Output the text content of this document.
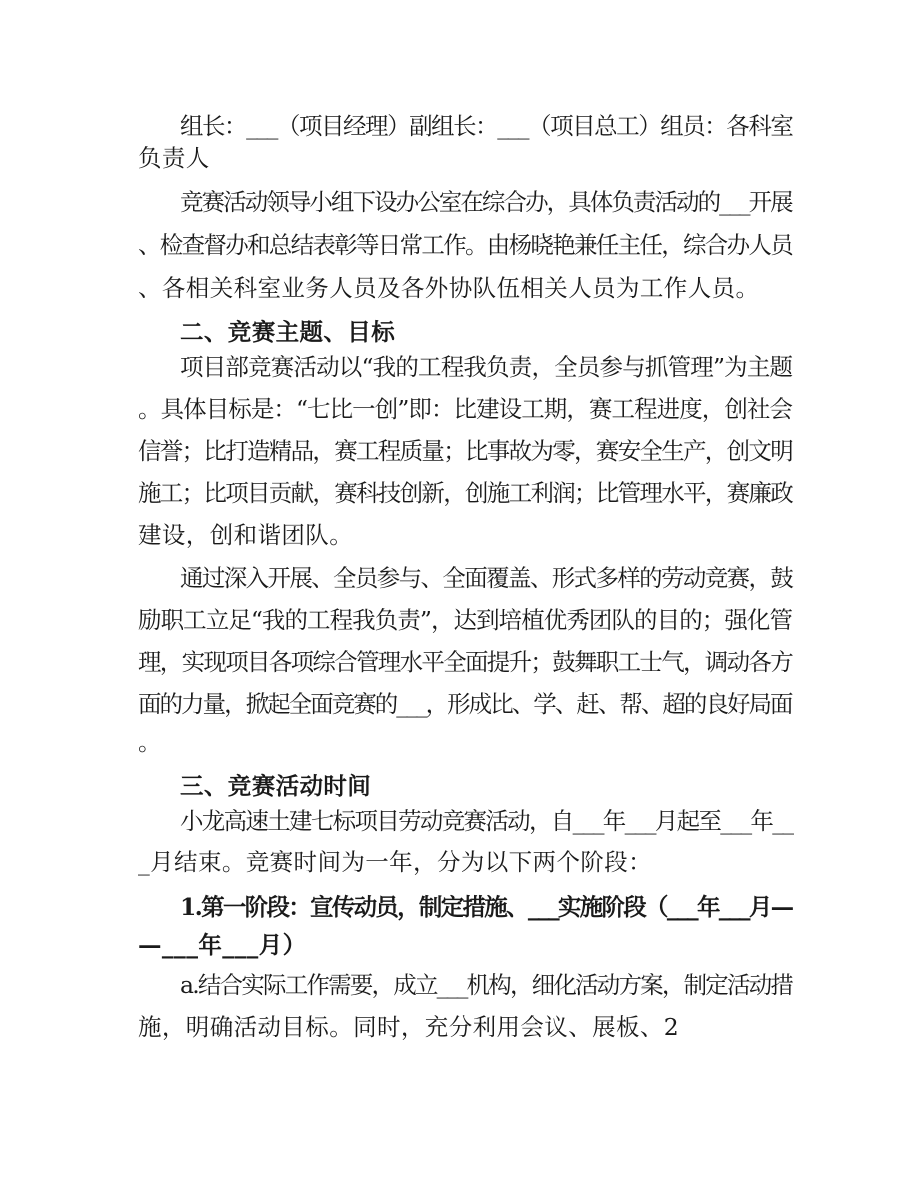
组长：___（项目经理）副组长：___（项目总工）组员：各科室
负责人
竞赛活动领导小组下设办公室在综合办，具体负责活动的___开展
、检查督办和总结表彰等日常工作。由杨晓艳兼任主任，综合办人员
、各相关科室业务人员及各外协队伍相关人员为工作人员。
二、竞赛主题、目标
项目部竞赛活动以“我的工程我负责，全员参与抓管理”为主题
。具体目标是：“七比一创”即：比建设工期，赛工程进度，创社会
信誉；比打造精品，赛工程质量；比事故为零，赛安全生产，创文明
施工；比项目贡献，赛科技创新，创施工利润；比管理水平，赛廉政
建设，创和谐团队。
通过深入开展、全员参与、全面覆盖、形式多样的劳动竞赛，鼓
励职工立足“我的工程我负责”，达到培植优秀团队的目的；强化管
理，实现项目各项综合管理水平全面提升；鼓舞职工士气，调动各方
面的力量，掀起全面竞赛的___，形成比、学、赶、帮、超的良好局面
。
三、竞赛活动时间
小龙高速土建七标项目劳动竞赛活动，自___年___月起至___年__
_月结束。竞赛时间为一年，分为以下两个阶段：
1.第一阶段：宣传动员，制定措施、___实施阶段（___年___月—
—___年___月）
a.结合实际工作需要，成立___机构，细化活动方案，制定活动措
施，明确活动目标。同时，充分利用会议、展板、2
